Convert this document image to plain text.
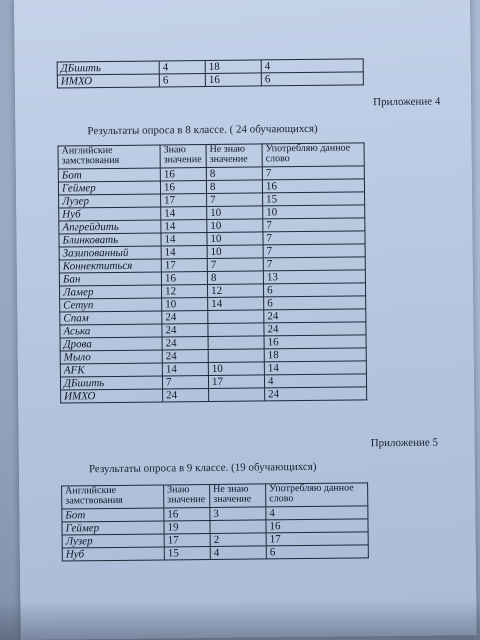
ДБшить	4	18	4
ИМХО	6	16	6
Приложение 4
Результаты опроса в 8 классе. ( 24 обучающихся)
Английские замствования	Знаю значение	Не знаю значение	Употребляю данное слово
Бот	16	8	7
Геймер	16	8	16
Лузер	17	7	15
Нуб	14	10	10
Апгрейдить	14	10	7
Блинковать	14	10	7
Зазипованный	14	10	7
Коннектиться	17	7	7
Бан	16	8	13
Ламер	12	12	6
Сетуп	10	14	6
Спам	24		24
Аська	24		24
Дрова	24		16
Мыло	24		18
AFK	14	10	14
ДБшить	7	17	4
ИМХО	24		24
Приложение 5
Результаты опроса в 9 классе. (19 обучающихся)
Английские замствования	Знаю значение	Не знаю значение	Употребляю данное слово
Бот	16	3	4
Геймер	19		16
Лузер	17	2	17
Нуб	15	4	6
